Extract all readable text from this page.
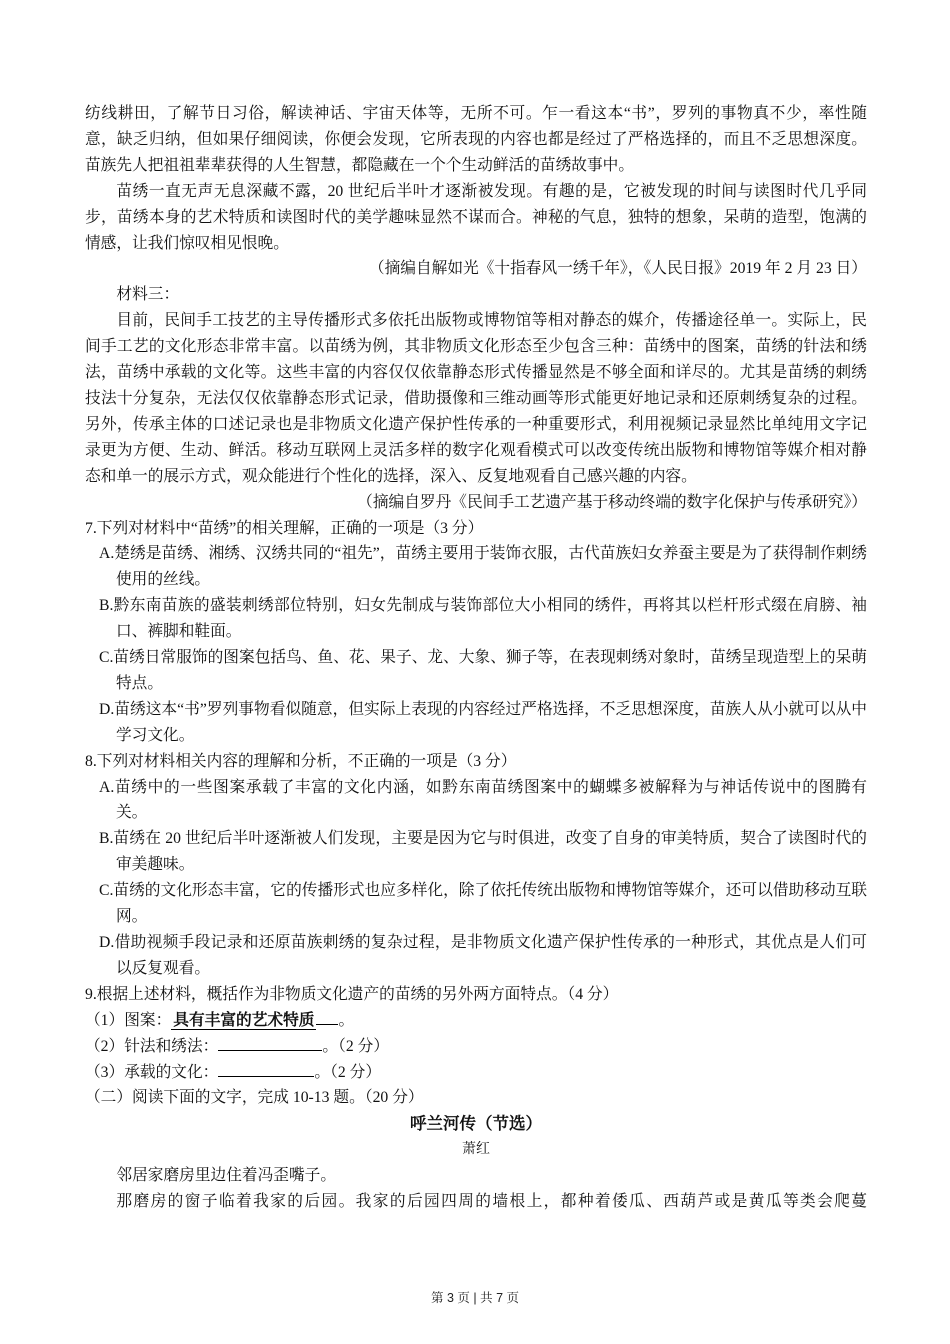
纺线耕田，了解节日习俗，解读神话、宇宙天体等，无所不可。乍一看这本“书”，罗列的事物真不少，率性随意，缺乏归纳，但如果仔细阅读，你便会发现，它所表现的内容也都是经过了严格选择的，而且不乏思想深度。苗族先人把祖祖辈辈获得的人生智慧，都隐藏在一个个生动鲜活的苗绣故事中。

苗绣一直无声无息深藏不露，20 世纪后半叶才逐渐被发现。有趣的是，它被发现的时间与读图时代几乎同步，苗绣本身的艺术特质和读图时代的美学趣味显然不谋而合。神秘的气息，独特的想象，呆萌的造型，饱满的情感，让我们惊叹相见恨晚。

（摘编自解如光《十指春风一绣千年》，《人民日报》2019 年 2 月 23 日）

材料三：

目前，民间手工技艺的主导传播形式多依托出版物或博物馆等相对静态的媒介，传播途径单一。实际上，民间手工艺的文化形态非常丰富。以苗绣为例，其非物质文化形态至少包含三种：苗绣中的图案，苗绣的针法和绣法，苗绣中承载的文化等。这些丰富的内容仅仅依靠静态形式传播显然是不够全面和详尽的。尤其是苗绣的刺绣技法十分复杂，无法仅仅依靠静态形式记录，借助摄像和三维动画等形式能更好地记录和还原刺绣复杂的过程。另外，传承主体的口述记录也是非物质文化遗产保护性传承的一种重要形式，利用视频记录显然比单纯用文字记录更为方便、生动、鲜活。移动互联网上灵活多样的数字化观看模式可以改变传统出版物和博物馆等媒介相对静态和单一的展示方式，观众能进行个性化的选择，深入、反复地观看自己感兴趣的内容。

（摘编自罗丹《民间手工艺遗产基于移动终端的数字化保护与传承研究》）

7.下列对材料中“苗绣”的相关理解，正确的一项是（3 分）

A.楚绣是苗绣、湘绣、汉绣共同的“祖先”，苗绣主要用于装饰衣服，古代苗族妇女养蚕主要是为了获得制作刺绣使用的丝线。

B.黔东南苗族的盛装刺绣部位特别，妇女先制成与装饰部位大小相同的绣件，再将其以栏杆形式缀在肩膀、袖口、裤脚和鞋面。

C.苗绣日常服饰的图案包括鸟、鱼、花、果子、龙、大象、狮子等，在表现刺绣对象时，苗绣呈现造型上的呆萌特点。

D.苗绣这本“书”罗列事物看似随意，但实际上表现的内容经过严格选择，不乏思想深度，苗族人从小就可以从中学习文化。

8.下列对材料相关内容的理解和分析，不正确的一项是（3 分）

A.苗绣中的一些图案承载了丰富的文化内涵，如黔东南苗绣图案中的蝴蝶多被解释为与神话传说中的图腾有关。

B.苗绣在 20 世纪后半叶逐渐被人们发现，主要是因为它与时俱进，改变了自身的审美特质，契合了读图时代的审美趣味。

C.苗绣的文化形态丰富，它的传播形式也应多样化，除了依托传统出版物和博物馆等媒介，还可以借助移动互联网。

D.借助视频手段记录和还原苗族刺绣的复杂过程，是非物质文化遗产保护性传承的一种形式，其优点是人们可以反复观看。

9.根据上述材料，概括作为非物质文化遗产的苗绣的另外两方面特点。（4 分）

（1）图案： 具有丰富的艺术特质 。

（2）针法和绣法：	。（2 分）

（3）承载的文化：	。（2 分）

（二）阅读下面的文字，完成 10-13 题。（20 分）

呼兰河传（节选）

萧红

邻居家磨房里边住着冯歪嘴子。

那磨房的窗子临着我家的后园。我家的后园四周的墙根上，都种着倭瓜、西葫芦或是黄瓜等类会爬蔓

第 3 页 | 共 7 页
